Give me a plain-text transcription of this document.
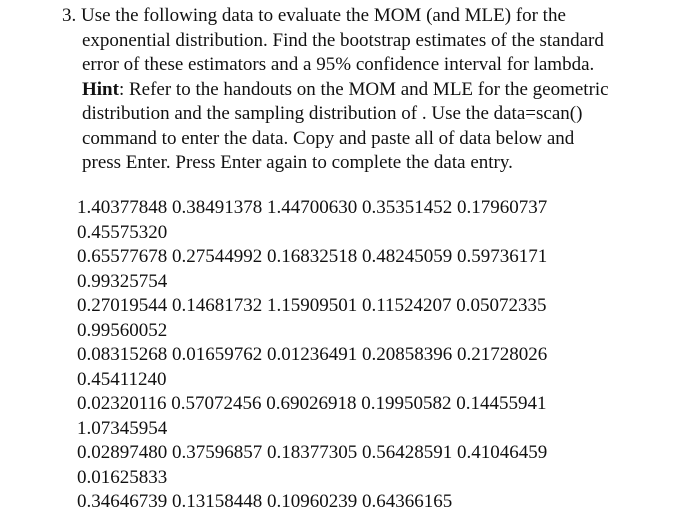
3. Use the following data to evaluate the MOM (and MLE) for the
exponential distribution. Find the bootstrap estimates of the standard
error of these estimators and a 95% confidence interval for lambda.
Hint: Refer to the handouts on the MOM and MLE for the geometric
distribution and the sampling distribution of . Use the data=scan()
command to enter the data. Copy and paste all of data below and
press Enter. Press Enter again to complete the data entry.
1.40377848 0.38491378 1.44700630 0.35351452 0.17960737
0.45575320
0.65577678 0.27544992 0.16832518 0.48245059 0.59736171
0.99325754
0.27019544 0.14681732 1.15909501 0.11524207 0.05072335
0.99560052
0.08315268 0.01659762 0.01236491 0.20858396 0.21728026
0.45411240
0.02320116 0.57072456 0.69026918 0.19950582 0.14455941
1.07345954
0.02897480 0.37596857 0.18377305 0.56428591 0.41046459
0.01625833
0.34646739 0.13158448 0.10960239 0.64366165
